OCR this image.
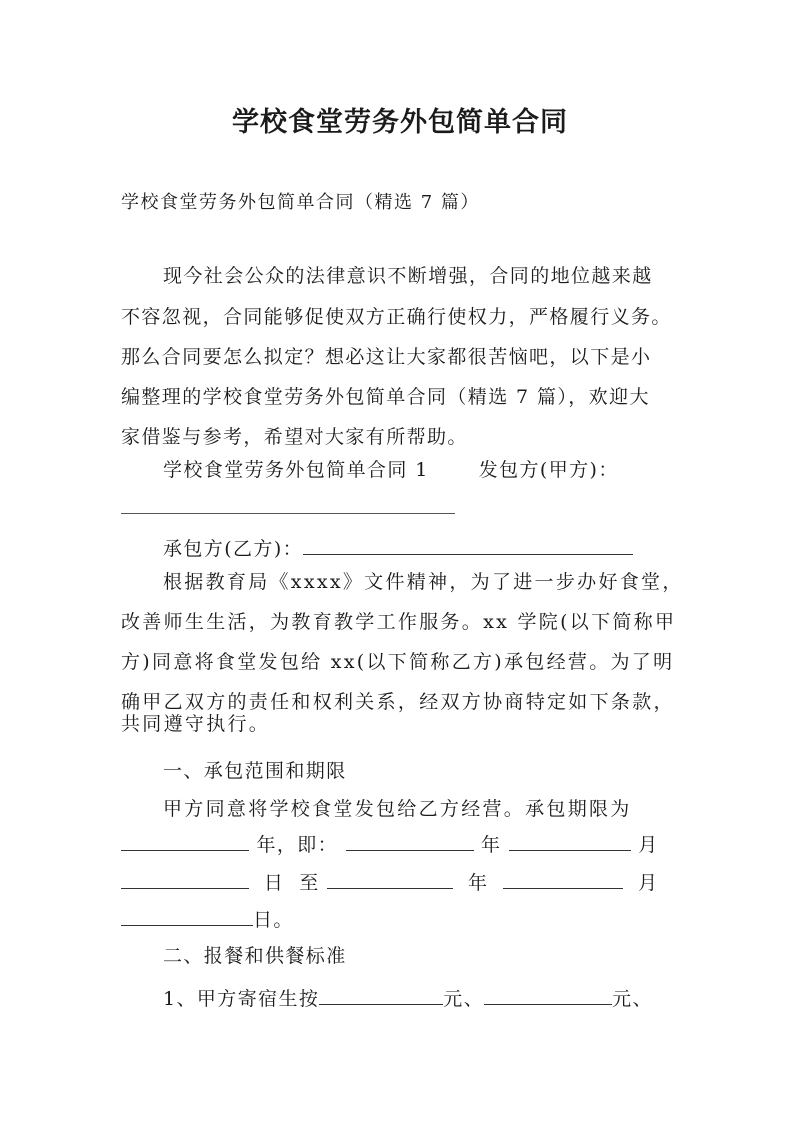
学校食堂劳务外包简单合同
学校食堂劳务外包简单合同（精选 7 篇）
现今社会公众的法律意识不断增强，合同的地位越来越
不容忽视，合同能够促使双方正确行使权力，严格履行义务。
那么合同要怎么拟定？想必这让大家都很苦恼吧，以下是小
编整理的学校食堂劳务外包简单合同（精选 7 篇），欢迎大
家借鉴与参考，希望对大家有所帮助。
学校食堂劳务外包简单合同 1	发包方(甲方)：
承包方(乙方)：
根据教育局《xxxx》文件精神，为了进一步办好食堂，
改善师生生活，为教育教学工作服务。xx 学院(以下简称甲
方)同意将食堂发包给 xx(以下简称乙方)承包经营。为了明
确甲乙双方的责任和权利关系，经双方协商特定如下条款，
共同遵守执行。
一、承包范围和期限
甲方同意将学校食堂发包给乙方经营。承包期限为
年，即：	年	月
日 至	年	月
日。
二、报餐和供餐标准
1、甲方寄宿生按	元、	元、
